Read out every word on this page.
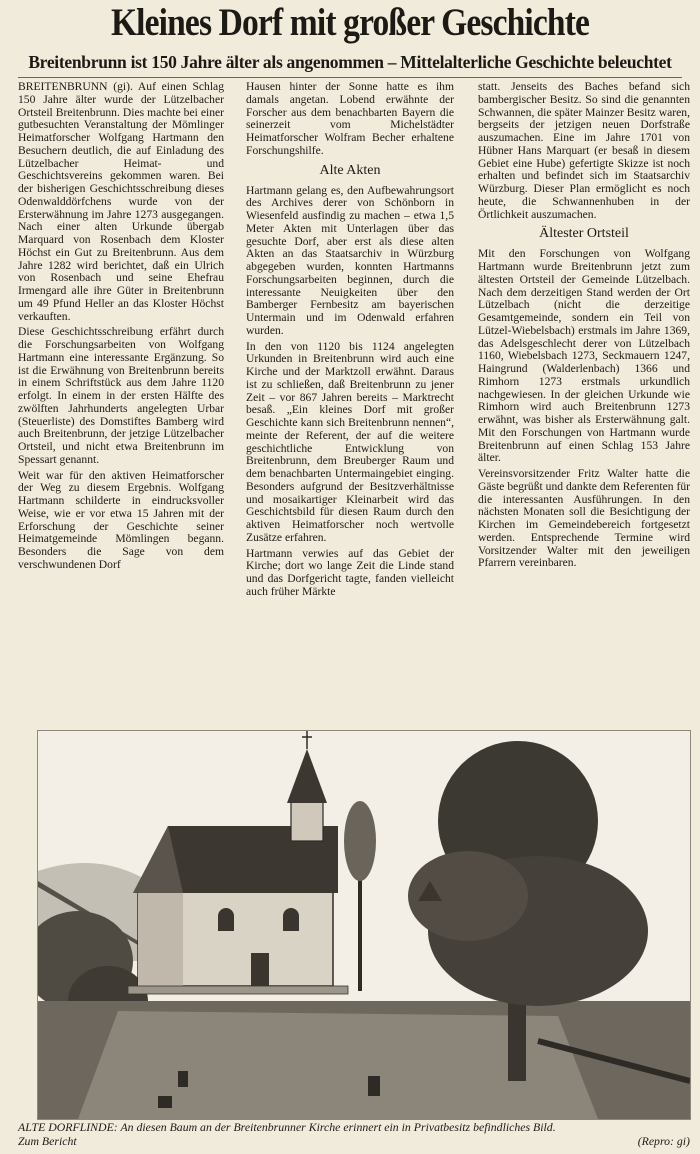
Kleines Dorf mit großer Geschichte
Breitenbrunn ist 150 Jahre älter als angenommen – Mittelalterliche Geschichte beleuchtet

BREITENBRUNN (gi). Auf einen Schlag 150 Jahre älter wurde der Lützelbacher Ortsteil Breitenbrunn. Dies machte bei einer gutbesuchten Veranstaltung der Mömlinger Heimatforscher Wolfgang Hartmann den Besuchern deutlich, die auf Einladung des Lützelbacher Heimat- und Geschichtsvereins gekommen waren. Bei der bisherigen Geschichtsschreibung dieses Odenwalddörfchens wurde von der Ersterwähnung im Jahre 1273 ausgegangen. Nach einer alten Urkunde übergab Marquard von Rosenbach dem Kloster Höchst ein Gut zu Breitenbrunn. Aus dem Jahre 1282 wird berichtet, daß ein Ulrich von Rosenbach und seine Ehefrau Irmengard alle ihre Güter in Breitenbrunn um 49 Pfund Heller an das Kloster Höchst verkauften.

Diese Geschichtsschreibung erfährt durch die Forschungsarbeiten von Wolfgang Hartmann eine interessante Ergänzung. So ist die Erwähnung von Breitenbrunn bereits in einem Schriftstück aus dem Jahre 1120 erfolgt. In einem in der ersten Hälfte des zwölften Jahrhunderts angelegten Urbar (Steuerliste) des Domstiftes Bamberg wird auch Breitenbrunn, der jetzige Lützelbacher Ortsteil, und nicht etwa Breitenbrunn im Spessart genannt.

Weit war für den aktiven Heimatforscher der Weg zu diesem Ergebnis. Wolfgang Hartmann schilderte in eindrucksvoller Weise, wie er vor etwa 15 Jahren mit der Erforschung der Geschichte seiner Heimatgemeinde Mömlingen begann. Besonders die Sage von dem verschwundenen Dorf

Hausen hinter der Sonne hatte es ihm damals angetan. Lobend erwähnte der Forscher aus dem benachbarten Bayern die seinerzeit vom Michelstädter Heimatforscher Wolfram Becher erhaltene Forschungshilfe.

Alte Akten

Hartmann gelang es, den Aufbewahrungsort des Archives derer von Schönborn in Wiesenfeld ausfindig zu machen – etwa 1,5 Meter Akten mit Unterlagen über das gesuchte Dorf, aber erst als diese alten Akten an das Staatsarchiv in Würzburg abgegeben wurden, konnten Hartmanns Forschungsarbeiten beginnen, durch die interessante Neuigkeiten über den Bamberger Fernbesitz am bayerischen Untermain und im Odenwald erfahren wurden.

In den von 1120 bis 1124 angelegten Urkunden in Breitenbrunn wird auch eine Kirche und der Marktzoll erwähnt. Daraus ist zu schließen, daß Breitenbrunn zu jener Zeit – vor 867 Jahren bereits – Marktrecht besaß. „Ein kleines Dorf mit großer Geschichte kann sich Breitenbrunn nennen“, meinte der Referent, der auf die weitere geschichtliche Entwicklung von Breitenbrunn, dem Breuberger Raum und dem benachbarten Untermaingebiet einging. Besonders aufgrund der Besitzverhältnisse und mosaikartiger Kleinarbeit wird das Geschichtsbild für diesen Raum durch den aktiven Heimatforscher noch wertvolle Zusätze erfahren.

Hartmann verwies auf das Gebiet der Kirche; dort wo lange Zeit die Linde stand und das Dorfgericht tagte, fanden vielleicht auch früher Märkte

statt. Jenseits des Baches befand sich bambergischer Besitz. So sind die genannten Schwannen, die später Mainzer Besitz waren, bergseits der jetzigen neuen Dorfstraße auszumachen. Eine im Jahre 1701 von Hübner Hans Marquart (er besaß in diesem Gebiet eine Hube) gefertigte Skizze ist noch erhalten und befindet sich im Staatsarchiv Würzburg. Dieser Plan ermöglicht es noch heute, die Schwannenhuben in der Örtlichkeit auszumachen.

Ältester Ortsteil

Mit den Forschungen von Wolfgang Hartmann wurde Breitenbrunn jetzt zum ältesten Ortsteil der Gemeinde Lützelbach. Nach dem derzeitigen Stand werden der Ort Lützelbach (nicht die derzeitige Gesamtgemeinde, sondern ein Teil von Lützel-Wiebelsbach) erstmals im Jahre 1369, das Adelsgeschlecht derer von Lützelbach 1160, Wiebelsbach 1273, Seckmauern 1247, Haingrund (Walderlenbach) 1366 und Rimhorn 1273 erstmals urkundlich nachgewiesen. In der gleichen Urkunde wie Rimhorn wird auch Breitenbrunn 1273 erwähnt, was bisher als Ersterwähnung galt. Mit den Forschungen von Hartmann wurde Breitenbrunn auf einen Schlag 153 Jahre älter.

Vereinsvorsitzender Fritz Walter hatte die Gäste begrüßt und dankte dem Referenten für die interessanten Ausführungen. In den nächsten Monaten soll die Besichtigung der Kirchen im Gemeindebereich fortgesetzt werden. Entsprechende Termine wird Vorsitzender Walter mit den jeweiligen Pfarrern vereinbaren.

ALTE DORFLINDE: An diesen Baum an der Breitenbrunner Kirche erinnert ein in Privatbesitz befindliches Bild.
Zum Bericht	(Repro: gi)
